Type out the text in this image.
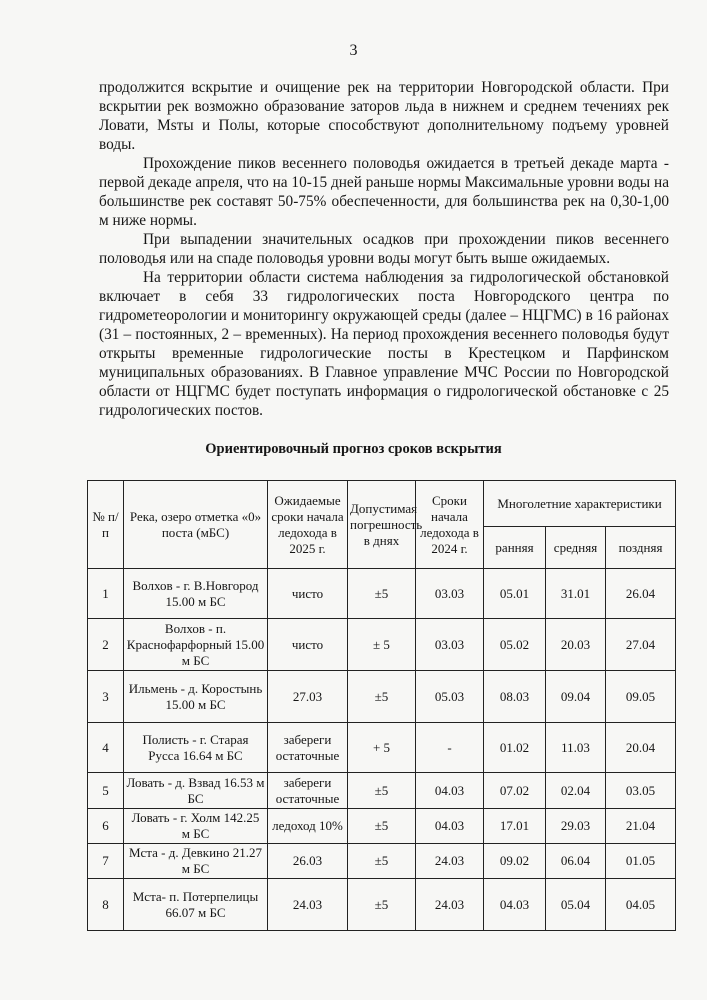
3

продолжится вскрытие и очищение рек на территории Новгородской области. При вскрытии рек возможно образование заторов льда в нижнем и среднем течениях рек Ловати, Msты и Полы, которые способствуют дополнительному подъему уровней воды.

Прохождение пиков весеннего половодья ожидается в третьей декаде марта - первой декаде апреля, что на 10-15 дней раньше нормы Максимальные уровни воды на большинстве рек составят 50-75% обеспеченности, для большинства рек на 0,30-1,00 м ниже нормы.

При выпадении значительных осадков при прохождении пиков весеннего половодья или на спаде половодья уровни воды могут быть выше ожидаемых.

На территории области система наблюдения за гидрологической обстановкой включает в себя 33 гидрологических поста Новгородского центра по гидрометеорологии и мониторингу окружающей среды (далее – НЦГМС) в 16 районах (31 – постоянных, 2 – временных). На период прохождения весеннего половодья будут открыты временные гидрологические посты в Крестецком и Парфинском муниципальных образованиях. В Главное управление МЧС России по Новгородской области от НЦГМС будет поступать информация о гидрологической обстановке с 25 гидрологических постов.

Ориентировочный прогноз сроков вскрытия
№ п/п	Река, озеро отметка «0» поста (мБС)	Ожидаемые сроки начала ледохода в 2025 г.	Допустимая погрешность в днях	Сроки начала ледохода в 2024 г.	Многолетние характеристики		
					ранняя	средняя	поздняя
1	Волхов - г. В.Новгород 15.00 м БС	чисто	±5	03.03	05.01	31.01	26.04
2	Волхов - п. Краснофарфорный 15.00 м БС	чисто	± 5	03.03	05.02	20.03	27.04
3	Ильмень - д. Коростынь 15.00 м БС	27.03	±5	05.03	08.03	09.04	09.05
4	Полисть - г. Старая Русса 16.64 м БС	забереги остаточные	+ 5	-	01.02	11.03	20.04
5	Ловать - д. Взвад 16.53 м БС	забереги остаточные	±5	04.03	07.02	02.04	03.05
6	Ловать - г. Холм 142.25 м БС	ледоход 10%	±5	04.03	17.01	29.03	21.04
7	Мста - д. Девкино 21.27 м БС	26.03	±5	24.03	09.02	06.04	01.05
8	Мста- п. Потерпелицы 66.07 м БС	24.03	±5	24.03	04.03	05.04	04.05
